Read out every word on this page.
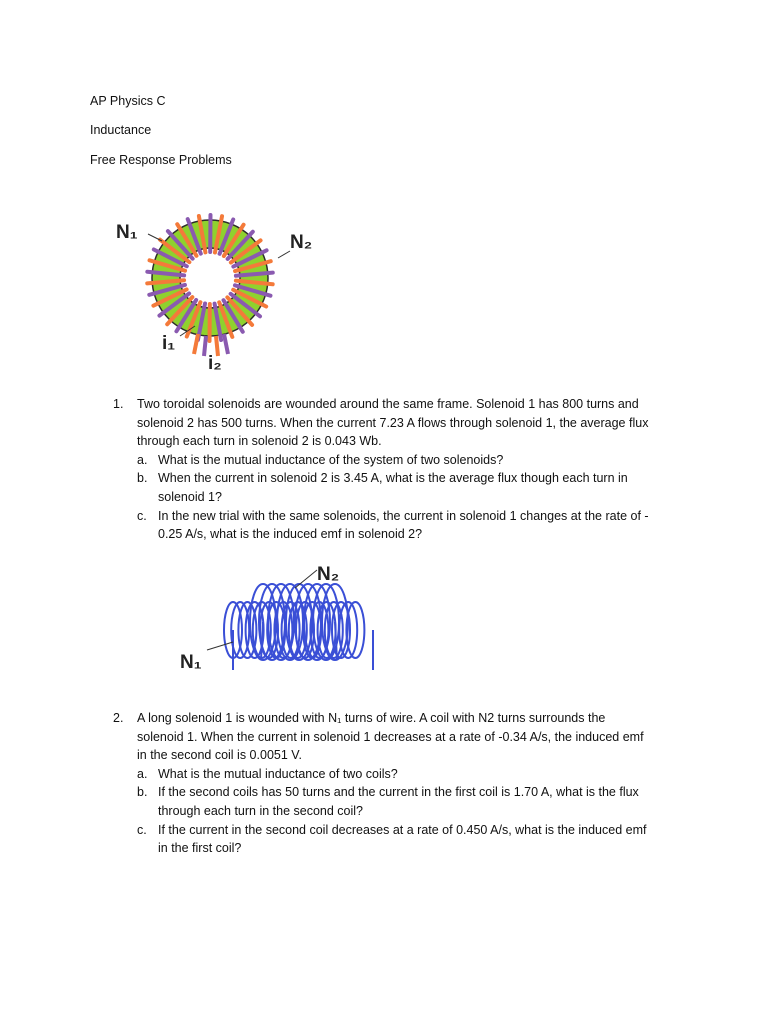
AP Physics C

Inductance

Free Response Problems

N₁	N₂
i₁
i₂
1. Two toroidal solenoids are wounded around the same frame. Solenoid 1 has 800 turns and solenoid 2 has 500 turns. When the current 7.23 A flows through solenoid 1, the average flux through each turn in solenoid 2 is 0.043 Wb.
a. What is the mutual inductance of the system of two solenoids?
b. When the current in solenoid 2 is 3.45 A, what is the average flux though each turn in solenoid 1?
c. In the new trial with the same solenoids, the current in solenoid 1 changes at the rate of - 0.25 A/s, what is the induced emf in solenoid 2?
N₂
N₁
2. A long solenoid 1 is wounded with N₁ turns of wire. A coil with N2 turns surrounds the solenoid 1. When the current in solenoid 1 decreases at a rate of -0.34 A/s, the induced emf in the second coil is 0.0051 V.
a. What is the mutual inductance of two coils?
b. If the second coils has 50 turns and the current in the first coil is 1.70 A, what is the flux through each turn in the second coil?
c. If the current in the second coil decreases at a rate of 0.450 A/s, what is the induced emf in the first coil?
